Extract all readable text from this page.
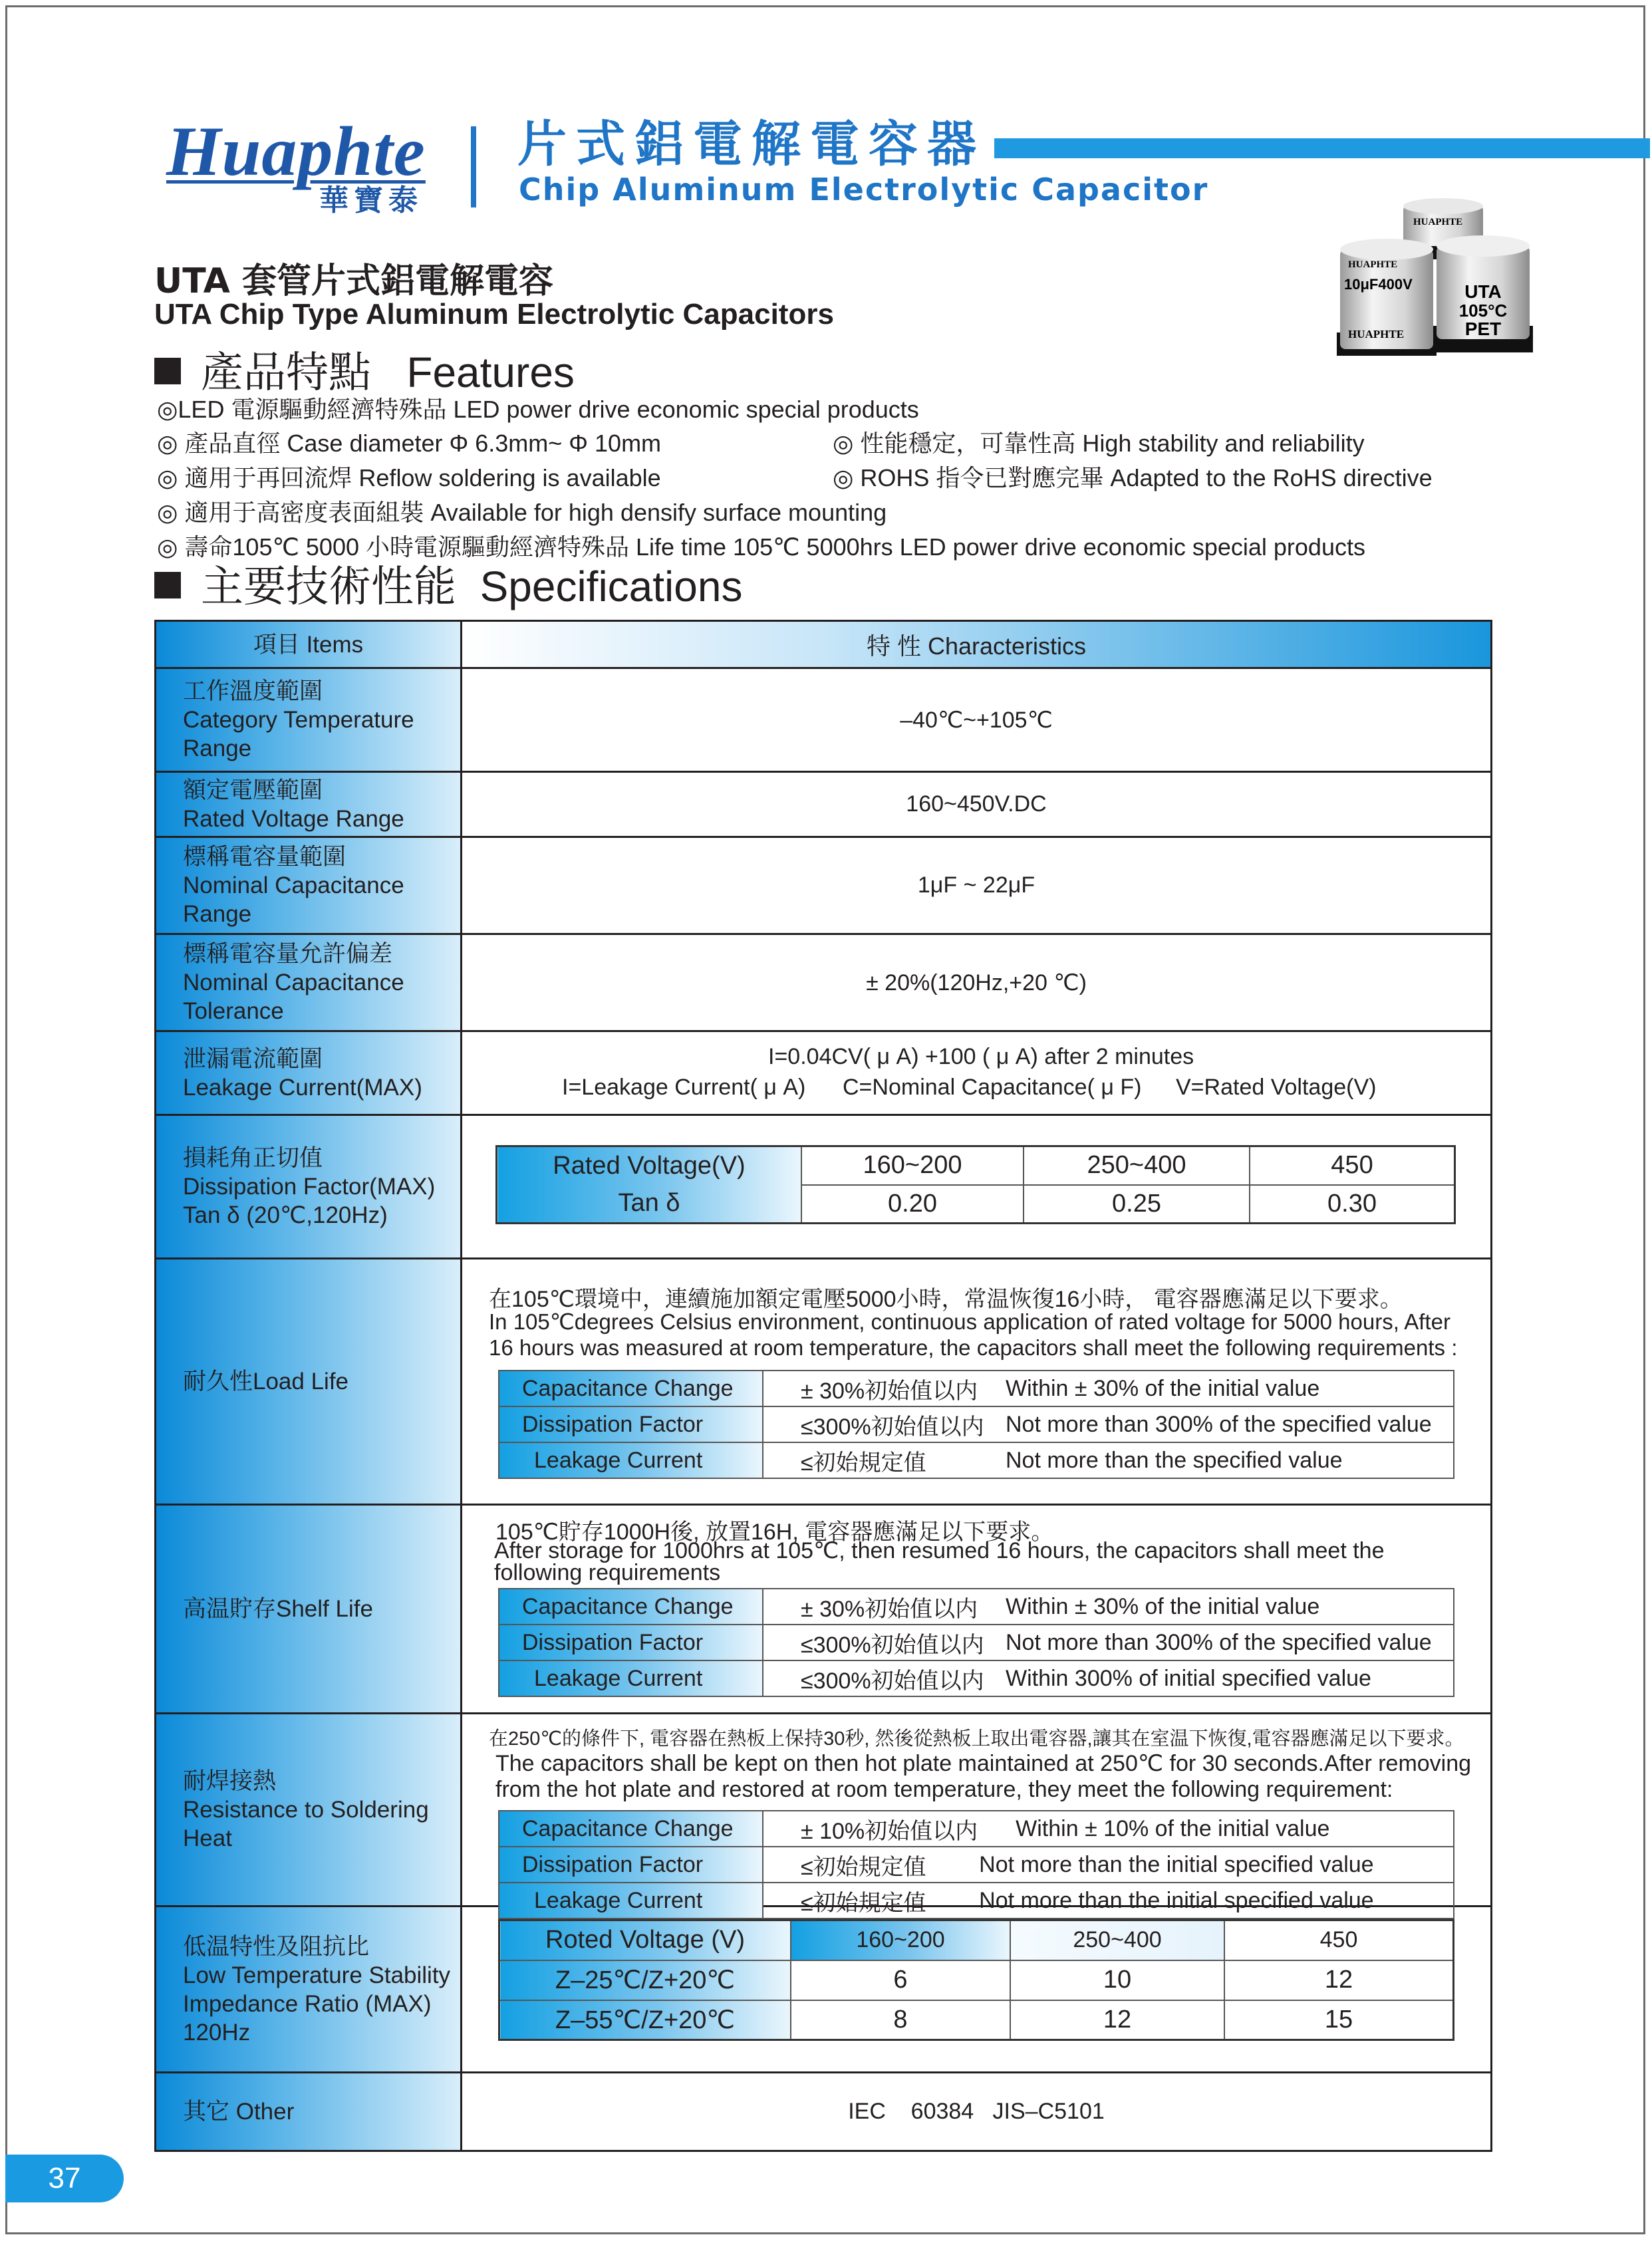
Huaphte
華寶泰
片式鋁電解電容器
Chip Aluminum Electrolytic Capacitor
UTA 套管片式鋁電解電容
UTA Chip Type Aluminum Electrolytic Capacitors
HUAPHTE
HUAPHTE
10μF400V
HUAPHTE
UTA
105°C
PET
產品特點 Features
◎LED 電源驅動經濟特殊品 LED power drive economic special products
◎ 產品直徑 Case diameter Φ 6.3mm~ Φ 10mm	◎ 性能穩定，可靠性高 High stability and reliability
◎ 適用于再回流焊 Reflow soldering is available	◎ ROHS 指令已對應完畢 Adapted to the RoHS directive
◎ 適用于高密度表面組裝 Available for high densify surface mounting
◎ 壽命105℃ 5000 小時電源驅動經濟特殊品 Life time 105℃ 5000hrs LED power drive economic special products
主要技術性能 Specifications
項目 Items	特 性 Characteristics
工作溫度範圍
Category Temperature
Range
–40℃~+105℃
額定電壓範圍
Rated Voltage Range
160~450V.DC
標稱電容量範圍
Nominal Capacitance
Range
1μF ~ 22μF
標稱電容量允許偏差
Nominal Capacitance
Tolerance
± 20%(120Hz,+20 ℃)
泄漏電流範圍
Leakage Current(MAX)
I=0.04CV( μ A) +100 ( μ A) after 2 minutes
I=Leakage Current( μ A) C=Nominal Capacitance( μ F) V=Rated Voltage(V)
損耗角正切值
Dissipation Factor(MAX)
Tan δ (20℃,120Hz)
Rated Voltage(V)	160~200	250~400	450
Tan δ	0.20	0.25	0.30
耐久性Load Life
在105℃環境中，連續施加額定電壓5000小時，常温恢復16小時， 電容器應滿足以下要求。
In 105℃degrees Celsius environment, continuous application of rated voltage for 5000 hours, After
16 hours was measured at room temperature, the capacitors shall meet the following requirements :
Capacitance Change	± 30%初始值以内	Within ± 30% of the initial value
Dissipation Factor	≤300%初始值以内	Not more than 300% of the specified value
Leakage Current	≤初始規定值	Not more than the specified value
高温貯存Shelf Life
105℃貯存1000H後, 放置16H, 電容器應滿足以下要求。
After storage for 1000hrs at 105℃, then resumed 16 hours, the capacitors shall meet the
following requirements
Capacitance Change	± 30%初始值以内	Within ± 30% of the initial value
Dissipation Factor	≤300%初始值以内	Not more than 300% of the specified value
Leakage Current	≤300%初始值以内	Within 300% of initial specified value
耐焊接熱
Resistance to Soldering
Heat
在250℃的條件下, 電容器在熱板上保持30秒, 然後從熱板上取出電容器,讓其在室温下恢復,電容器應滿足以下要求。
The capacitors shall be kept on then hot plate maintained at 250℃ for 30 seconds.After removing
from the hot plate and restored at room temperature, they meet the following requirement:
Capacitance Change	± 10%初始值以内	Within ± 10% of the initial value
Dissipation Factor	≤初始規定值	Not more than the initial specified value
Leakage Current	≤初始規定值	Not more than the initial specified value
低温特性及阻抗比
Low Temperature Stability
Impedance Ratio (MAX)
120Hz
Roted Voltage (V)	160~200	250~400	450
Z–25℃/Z+20℃	6	10	12
Z–55℃/Z+20℃	8	12	15
其它 Other	IEC    60384   JIS–C5101
37
